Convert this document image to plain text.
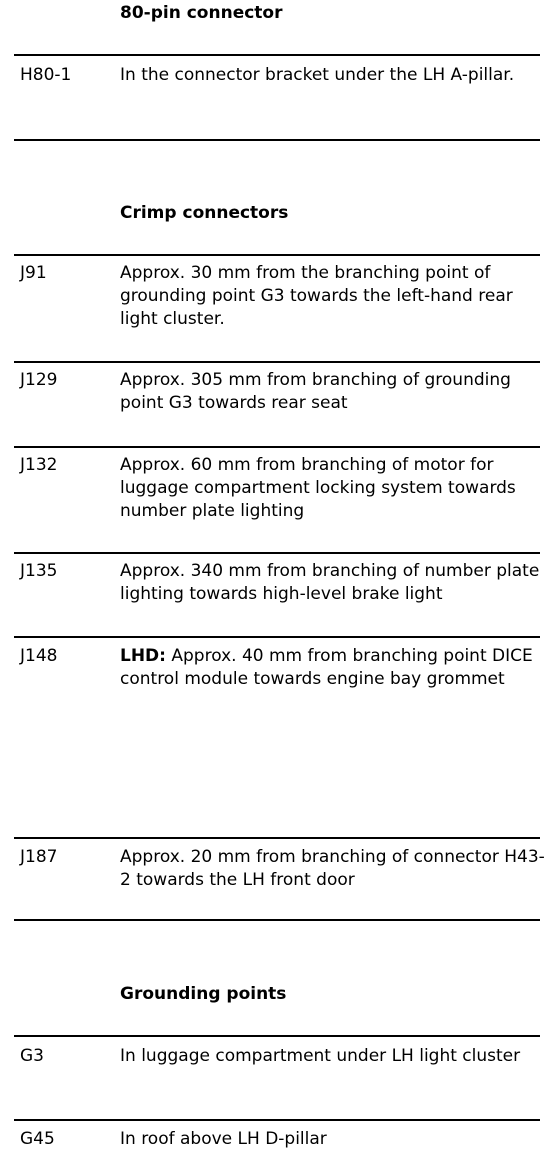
80-pin connector
H80-1	In the connector bracket under the LH A-pillar.
Crimp connectors
J91	Approx. 30 mm from the branching point of grounding point G3 towards the left-hand rear light cluster.
J129	Approx. 305 mm from branching of grounding point G3 towards rear seat
J132	Approx. 60 mm from branching of motor for luggage compartment locking system towards number plate lighting
J135	Approx. 340 mm from branching of number plate lighting towards high-level brake light
J148	LHD: Approx. 40 mm from branching point DICE control module towards engine bay grommet
J187	Approx. 20 mm from branching of connector H43-2 towards the LH front door
Grounding points
G3	In luggage compartment under LH light cluster
G45	In roof above LH D-pillar
